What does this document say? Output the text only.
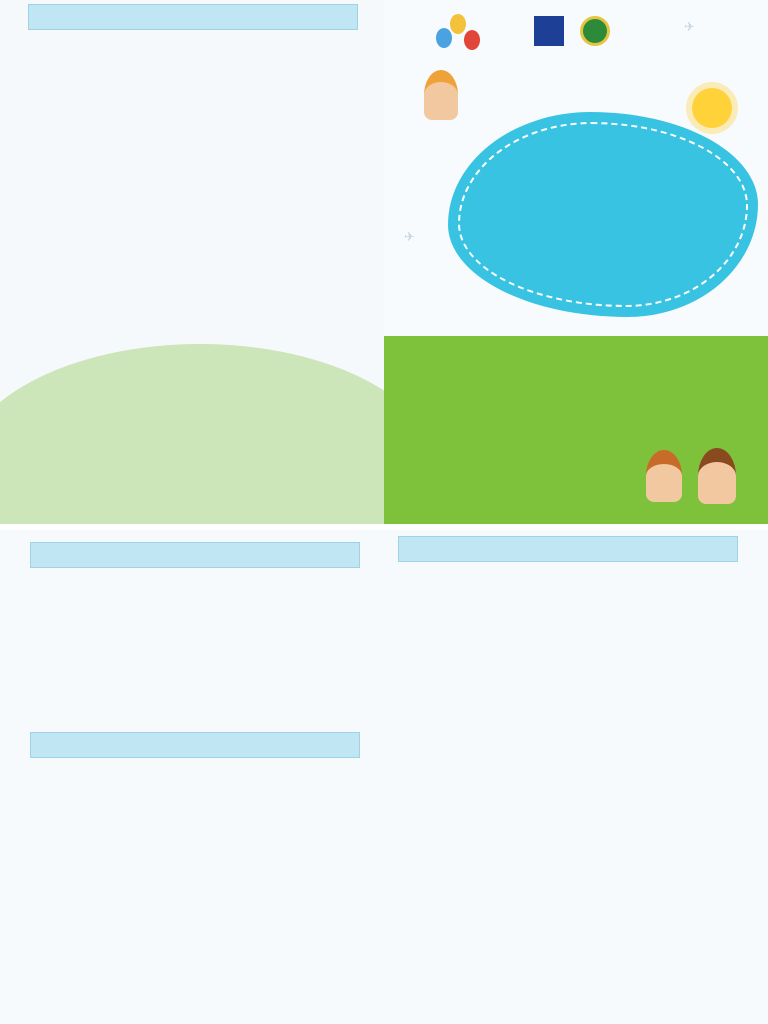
✈
✈
